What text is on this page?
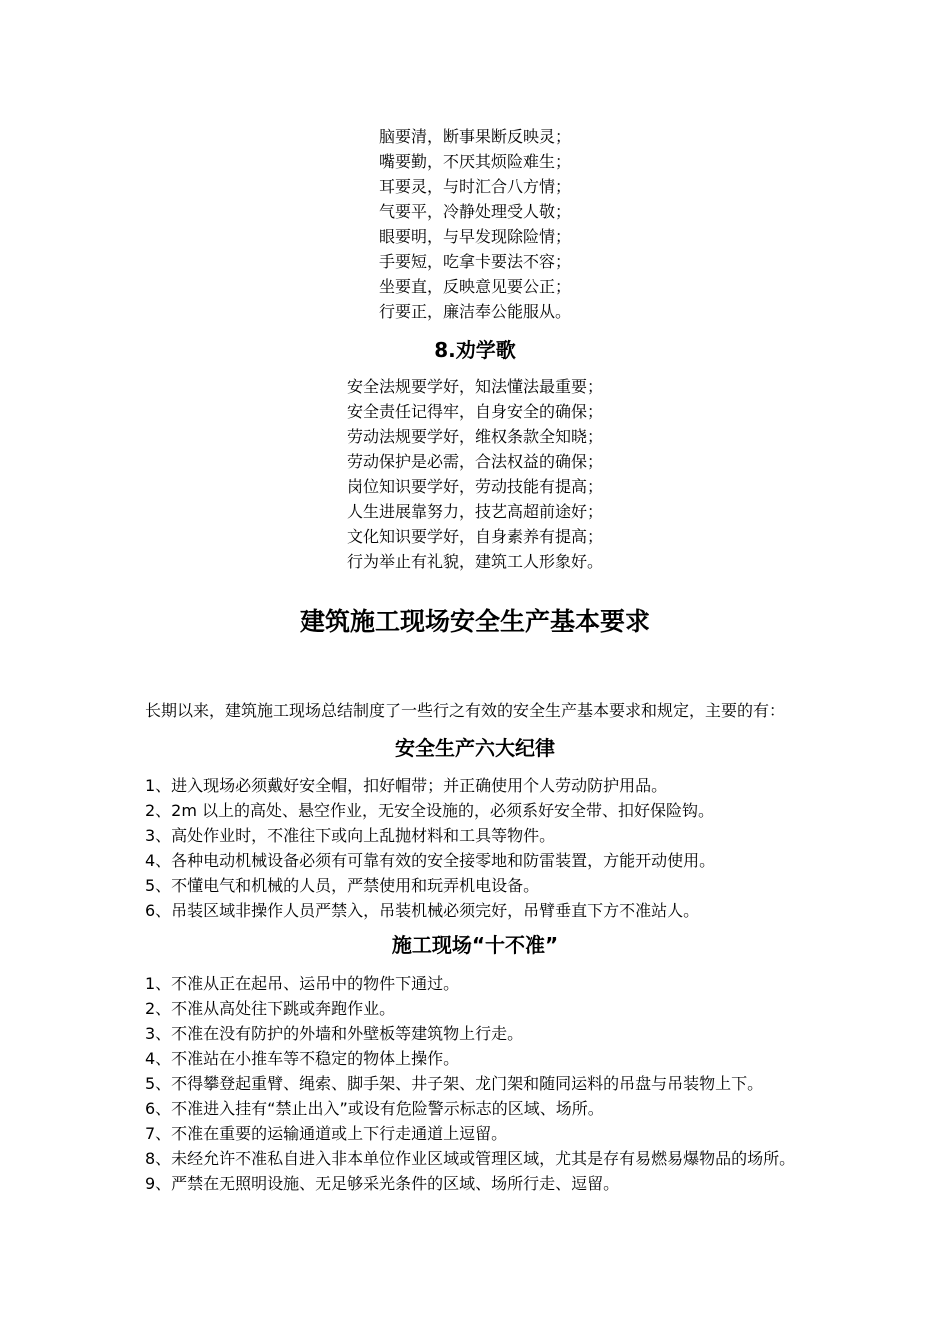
脑要清，断事果断反映灵；
嘴要勤，不厌其烦险难生；
耳要灵，与时汇合八方情；
气要平，冷静处理受人敬；
眼要明，与早发现除险情；
手要短，吃拿卡要法不容；
坐要直，反映意见要公正；
行要正，廉洁奉公能服从。
8.劝学歌
安全法规要学好，知法懂法最重要；
安全责任记得牢，自身安全的确保；
劳动法规要学好，维权条款全知晓；
劳动保护是必需，合法权益的确保；
岗位知识要学好，劳动技能有提高；
人生进展靠努力，技艺高超前途好；
文化知识要学好，自身素养有提高；
行为举止有礼貌，建筑工人形象好。
建筑施工现场安全生产基本要求
长期以来，建筑施工现场总结制度了一些行之有效的安全生产基本要求和规定，主要的有：
安全生产六大纪律
1、进入现场必须戴好安全帽，扣好帽带；并正确使用个人劳动防护用品。
2、2m 以上的高处、悬空作业，无安全设施的，必须系好安全带、扣好保险钩。
3、高处作业时，不准往下或向上乱抛材料和工具等物件。
4、各种电动机械设备必须有可靠有效的安全接零地和防雷装置，方能开动使用。
5、不懂电气和机械的人员，严禁使用和玩弄机电设备。
6、吊装区域非操作人员严禁入，吊装机械必须完好，吊臂垂直下方不准站人。
施工现场“十不准”
1、不准从正在起吊、运吊中的物件下通过。
2、不准从高处往下跳或奔跑作业。
3、不准在没有防护的外墙和外壁板等建筑物上行走。
4、不准站在小推车等不稳定的物体上操作。
5、不得攀登起重臂、绳索、脚手架、井子架、龙门架和随同运料的吊盘与吊装物上下。
6、不准进入挂有“禁止出入”或设有危险警示标志的区域、场所。
7、不准在重要的运输通道或上下行走通道上逗留。
8、未经允许不准私自进入非本单位作业区域或管理区域，尤其是存有易燃易爆物品的场所。
9、严禁在无照明设施、无足够采光条件的区域、场所行走、逗留。
